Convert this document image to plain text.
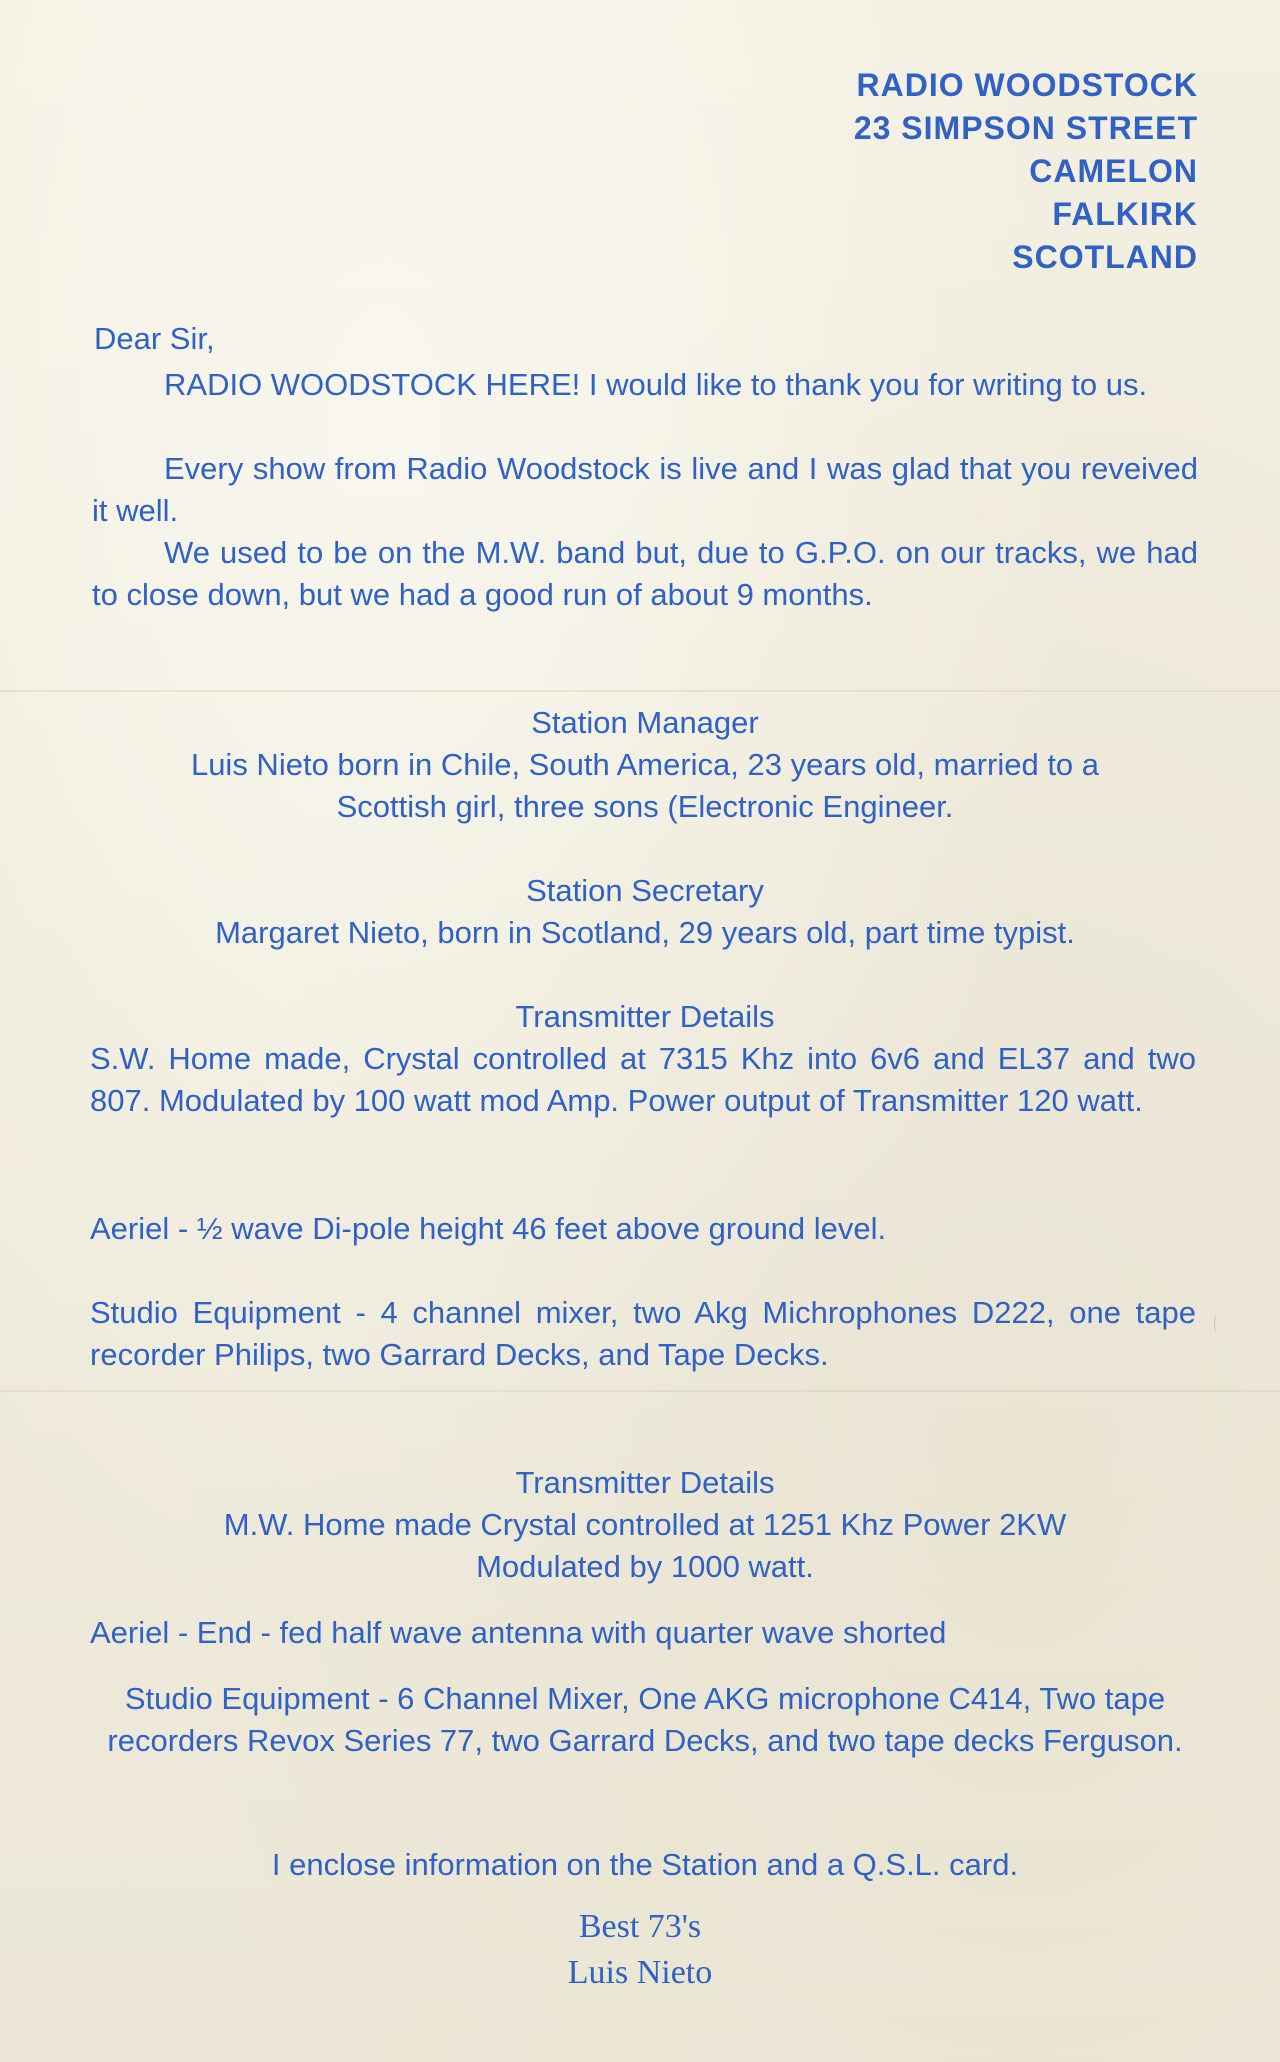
RADIO WOODSTOCK

23 SIMPSON STREET

CAMELON

FALKIRK

SCOTLAND

Dear Sir,

RADIO WOODSTOCK HERE! I would like to thank you for writing to us.

Every show from Radio Woodstock is live and I was glad that you reveived it well.

We used to be on the M.W. band but, due to G.P.O. on our tracks, we had to close down, but we had a good run of about 9 months.

Station Manager

Luis Nieto born in Chile, South America, 23 years old, married to a

Scottish girl, three sons (Electronic Engineer.

Station Secretary

Margaret Nieto, born in Scotland, 29 years old, part time typist.

Transmitter Details

S.W. Home made, Crystal controlled at 7315 Khz into 6v6 and EL37 and two 807. Modulated by 100 watt mod Amp. Power output of Transmitter 120 watt.

Aeriel - ½ wave Di-pole height 46 feet above ground level.

Studio Equipment - 4 channel mixer, two Akg Michrophones D222, one tape recorder Philips, two Garrard Decks, and Tape Decks.

Transmitter Details

M.W. Home made Crystal controlled at 1251 Khz Power 2KW

Modulated by 1000 watt.

Aeriel - End - fed half wave antenna with quarter wave shorted

Studio Equipment - 6 Channel Mixer, One AKG microphone C414, Two tape recorders Revox Series 77, two Garrard Decks, and two tape decks Ferguson.

I enclose information on the Station and a Q.S.L. card.

Best 73's

Luis Nieto
